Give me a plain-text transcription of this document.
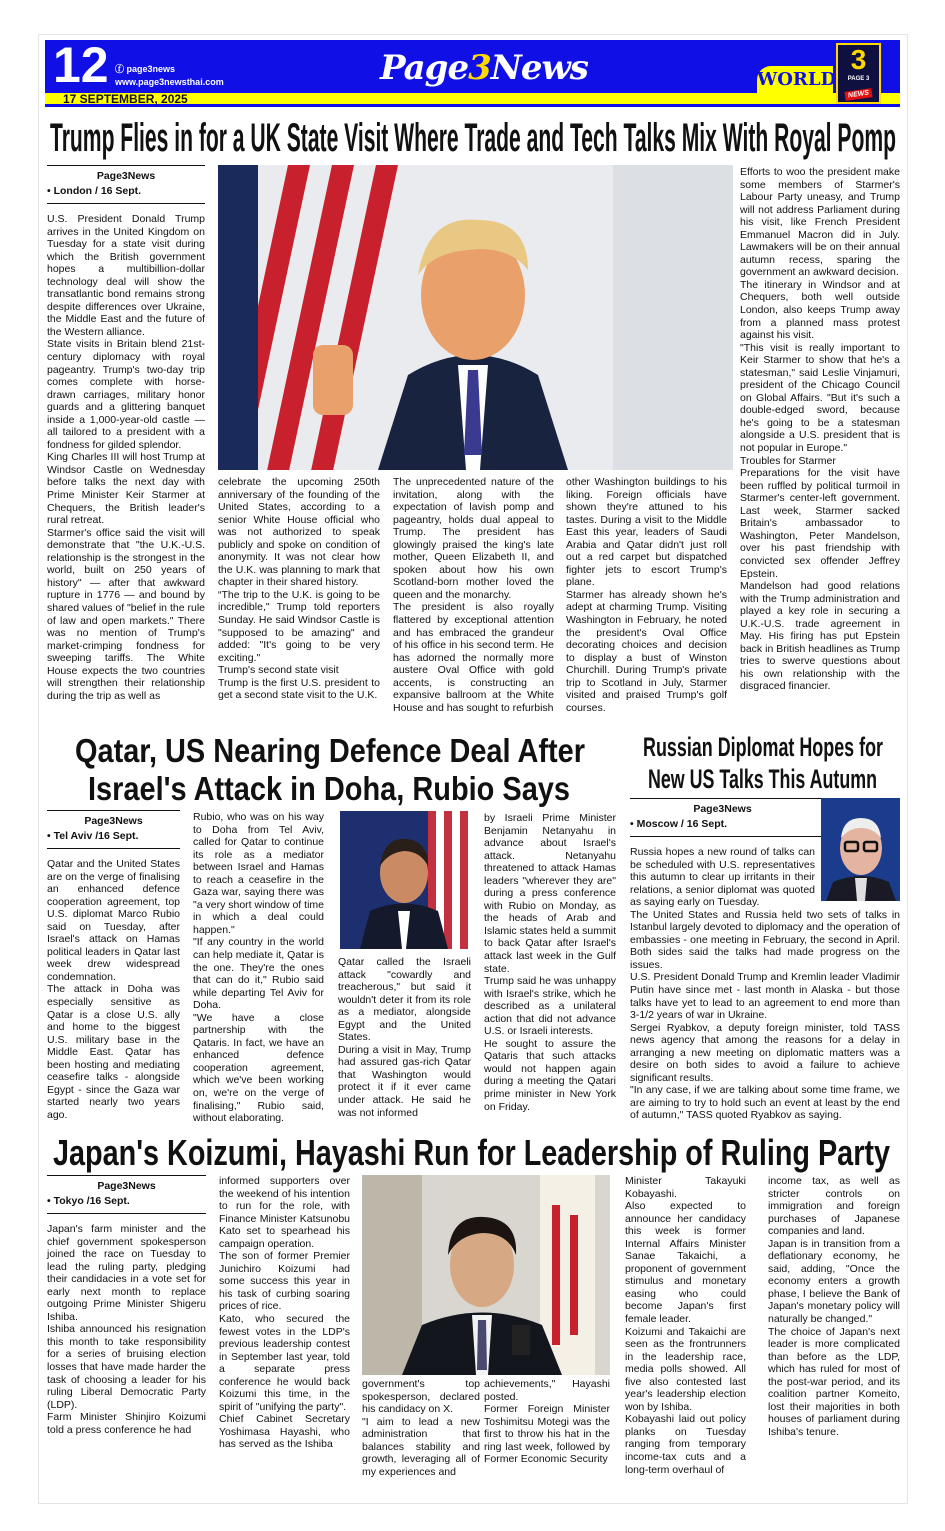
12 ⓕ page3news
www.page3newsthai.com
17 SEPTEMBER, 2025
Page3News	WORLD
3
PAGE 3
NEWS
Trump Flies in for a UK State Visit Where Trade and Tech Talks Mix With Royal Pomp
Page3News
• London / 16 Sept.

U.S. President Donald Trump arrives in the United Kingdom on Tuesday for a state visit during which the British government hopes a multibillion-dollar technology deal will show the transatlantic bond remains strong despite differences over Ukraine, the Middle East and the future of the Western alliance.

State visits in Britain blend 21st-century diplomacy with royal pageantry. Trump's two-day trip comes complete with horse-drawn carriages, military honor guards and a glittering banquet inside a 1,000-year-old castle — all tailored to a president with a fondness for gilded splendor.

King Charles III will host Trump at Windsor Castle on Wednesday before talks the next day with Prime Minister Keir Starmer at Chequers, the British leader's rural retreat.

Starmer's office said the visit will demonstrate that "the U.K.-U.S. relationship is the strongest in the world, built on 250 years of history" — after that awkward rupture in 1776 — and bound by shared values of "belief in the rule of law and open markets." There was no mention of Trump's market-crimping fondness for sweeping tariffs. The White House expects the two countries will strengthen their relationship during the trip as well as

celebrate the upcoming 250th anniversary of the founding of the United States, according to a senior White House official who was not authorized to speak publicly and spoke on condition of anonymity. It was not clear how the U.K. was planning to mark that chapter in their shared history.

“The trip to the U.K. is going to be incredible," Trump told reporters Sunday. He said Windsor Castle is "supposed to be amazing" and added: "It's going to be very exciting."

Trump's second state visit

Trump is the first U.S. president to get a second state visit to the U.K.

The unprecedented nature of the invitation, along with the expectation of lavish pomp and pageantry, holds dual appeal to Trump. The president has glowingly praised the king's late mother, Queen Elizabeth II, and spoken about how his own Scotland-born mother loved the queen and the monarchy.

The president is also royally flattered by exceptional attention and has embraced the grandeur of his office in his second term. He has adorned the normally more austere Oval Office with gold accents, is constructing an expansive ballroom at the White House and has sought to refurbish

other Washington buildings to his liking. Foreign officials have shown they're attuned to his tastes. During a visit to the Middle East this year, leaders of Saudi Arabia and Qatar didn't just roll out a red carpet but dispatched fighter jets to escort Trump's plane.

Starmer has already shown he's adept at charming Trump. Visiting Washington in February, he noted the president's Oval Office decorating choices and decision to display a bust of Winston Churchill. During Trump's private trip to Scotland in July, Starmer visited and praised Trump's golf courses.

Efforts to woo the president make some members of Starmer's Labour Party uneasy, and Trump will not address Parliament during his visit, like French President Emmanuel Macron did in July. Lawmakers will be on their annual autumn recess, sparing the government an awkward decision.

The itinerary in Windsor and at Chequers, both well outside London, also keeps Trump away from a planned mass protest against his visit.

"This visit is really important to Keir Starmer to show that he's a statesman," said Leslie Vinjamuri, president of the Chicago Council on Global Affairs. "But it's such a double-edged sword, because he's going to be a statesman alongside a U.S. president that is not popular in Europe."

Troubles for Starmer

Preparations for the visit have been ruffled by political turmoil in Starmer's center-left government. Last week, Starmer sacked Britain's ambassador to Washington, Peter Mandelson, over his past friendship with convicted sex offender Jeffrey Epstein.

Mandelson had good relations with the Trump administration and played a key role in securing a U.K.-U.S. trade agreement in May. His firing has put Epstein back in British headlines as Trump tries to swerve questions about his own relationship with the disgraced financier.

Qatar, US Nearing Defence Deal After
Israel's Attack in Doha, Rubio Says
Page3News
• Tel Aviv /16 Sept.

Qatar and the United States are on the verge of finalising an enhanced defence cooperation agreement, top U.S. diplomat Marco Rubio said on Tuesday, after Israel's attack on Hamas political leaders in Qatar last week drew widespread condemnation.

The attack in Doha was especially sensitive as Qatar is a close U.S. ally and home to the biggest U.S. military base in the Middle East. Qatar has been hosting and mediating ceasefire talks - alongside Egypt - since the Gaza war started nearly two years ago.

Rubio, who was on his way to Doha from Tel Aviv, called for Qatar to continue its role as a mediator between Israel and Hamas to reach a ceasefire in the Gaza war, saying there was "a very short window of time in which a deal could happen."

"If any country in the world can help mediate it, Qatar is the one. They're the ones that can do it," Rubio said while departing Tel Aviv for Doha.

"We have a close partnership with the Qataris. In fact, we have an enhanced defence cooperation agreement, which we've been working on, we're on the verge of finalising," Rubio said, without elaborating.

Qatar called the Israeli attack "cowardly and treacherous," but said it wouldn't deter it from its role as a mediator, alongside Egypt and the United States.

During a visit in May, Trump had assured gas-rich Qatar that Washington would protect it if it ever came under attack. He said he was not informed

by Israeli Prime Minister Benjamin Netanyahu in advance about Israel's attack. Netanyahu threatened to attack Hamas leaders "wherever they are" during a press conference with Rubio on Monday, as the heads of Arab and Islamic states held a summit to back Qatar after Israel's attack last week in the Gulf state.

Trump said he was unhappy with Israel's strike, which he described as a unilateral action that did not advance U.S. or Israeli interests.

He sought to assure the Qataris that such attacks would not happen again during a meeting the Qatari prime minister in New York on Friday.

Russian Diplomat Hopes for
New US Talks This Autumn
Page3News
• Moscow / 16 Sept.

Russia hopes a new round of talks can be scheduled with U.S. representatives this autumn to clear up irritants in their relations, a senior diplomat was quoted as saying early on Tuesday.

The United States and Russia held two sets of talks in Istanbul largely devoted to diplomacy and the operation of embassies - one meeting in February, the second in April. Both sides said the talks had made progress on the issues.

U.S. President Donald Trump and Kremlin leader Vladimir Putin have since met - last month in Alaska - but those talks have yet to lead to an agreement to end more than 3-1/2 years of war in Ukraine.

Sergei Ryabkov, a deputy foreign minister, told TASS news agency that among the reasons for a delay in arranging a new meeting on diplomatic matters was a desire on both sides to avoid a failure to achieve significant results.

"In any case, if we are talking about some time frame, we are aiming to try to hold such an event at least by the end of autumn," TASS quoted Ryabkov as saying.

Japan's Koizumi, Hayashi Run for Leadership of Ruling Party
Page3News
• Tokyo /16 Sept.

Japan's farm minister and the chief government spokesperson joined the race on Tuesday to lead the ruling party, pledging their candidacies in a vote set for early next month to replace outgoing Prime Minister Shigeru Ishiba.

Ishiba announced his resignation this month to take responsibility for a series of bruising election losses that have made harder the task of choosing a leader for his ruling Liberal Democratic Party (LDP).

Farm Minister Shinjiro Koizumi told a press conference he had

informed supporters over the weekend of his intention to run for the role, with Finance Minister Katsunobu Kato set to spearhead his campaign operation.

The son of former Premier Junichiro Koizumi had some success this year in his task of curbing soaring prices of rice.

Kato, who secured the fewest votes in the LDP's previous leadership contest in September last year, told a separate press conference he would back Koizumi this time, in the spirit of "unifying the party".

Chief Cabinet Secretary Yoshimasa Hayashi, who has served as the Ishiba

government's top spokesperson, declared his candidacy on X.

"I aim to lead a new administration that balances stability and growth, leveraging all of my experiences and

achievements," Hayashi posted.

Former Foreign Minister Toshimitsu Motegi was the first to throw his hat in the ring last week, followed by Former Economic Security

Minister Takayuki Kobayashi.

Also expected to announce her candidacy this week is former Internal Affairs Minister Sanae Takaichi, a proponent of government stimulus and monetary easing who could become Japan's first female leader.

Koizumi and Takaichi are seen as the frontrunners in the leadership race, media polls showed. All five also contested last year's leadership election won by Ishiba.

Kobayashi laid out policy planks on Tuesday ranging from temporary income-tax cuts and a long-term overhaul of

income tax, as well as stricter controls on immigration and foreign purchases of Japanese companies and land.

Japan is in transition from a deflationary economy, he said, adding, "Once the economy enters a growth phase, I believe the Bank of Japan's monetary policy will naturally be changed."

The choice of Japan's next leader is more complicated than before as the LDP, which has ruled for most of the post-war period, and its coalition partner Komeito, lost their majorities in both houses of parliament during Ishiba's tenure.
